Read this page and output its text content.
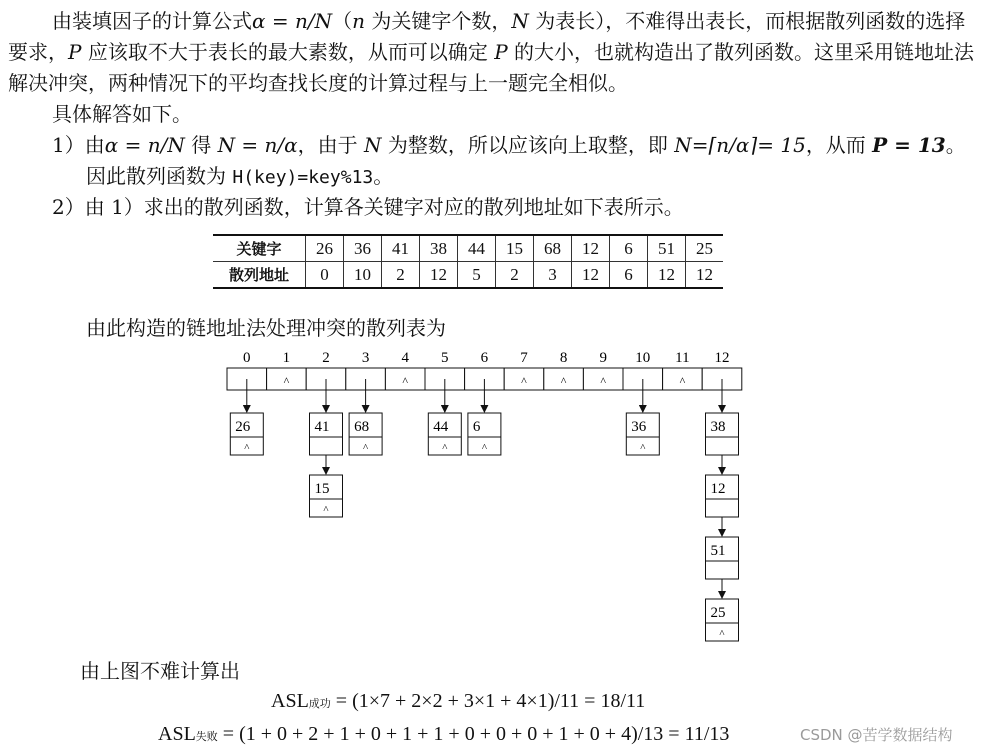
由装填因子的计算公式α = n/N（n 为关键字个数，N 为表长），不难得出表长，而根据散列函数的选择要求，P 应该取不大于表长的最大素数，从而可以确定 P 的大小，也就构造出了散列函数。这里采用链地址法解决冲突，两种情况下的平均查找长度的计算过程与上一题完全相似。

具体解答如下。
1）由α = n/N 得 N = n/α，由于 N 为整数，所以应该向上取整，即 N=⌈n/α⌉= 15，从而 P = 13。
因此散列函数为 H(key)=key%13。
2）由 1）求出的散列函数，计算各关键字对应的散列地址如下表所示。
关键字	26	36	41	38	44	15	68	12	6	51	25
散列地址	0	10	2	12	5	2	3	12	6	12	12
由此构造的链地址法处理冲突的散列表为
0 1
^
2 3 4
^
5 6 7
^
8
^
9
^
10 11
^
12
26
^
41
15
^
68
^
44
^
6
^
36
^
38
12
51
25
^
由上图不难计算出
ASL成功 = (1×7 + 2×2 + 3×1 + 4×1)/11 = 18/11
ASL失败 = (1 + 0 + 2 + 1 + 0 + 1 + 1 + 0 + 0 + 0 + 1 + 0 + 4)/13 = 11/13	CSDN @苦学数据结构
